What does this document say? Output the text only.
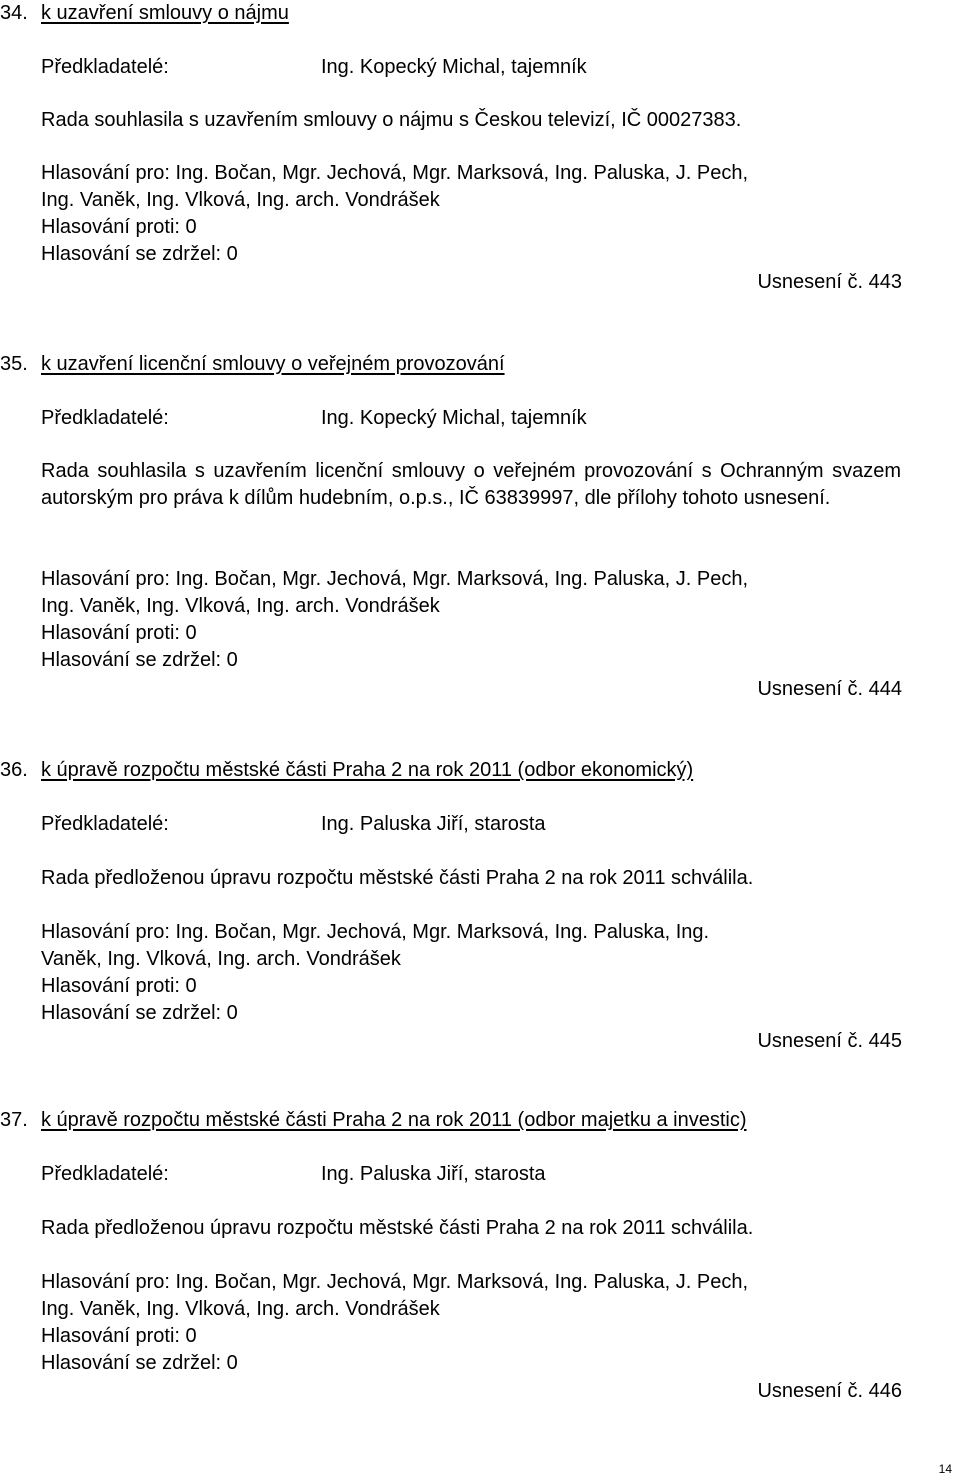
34. k uzavření smlouvy o nájmu
Předkladatelé:	Ing. Kopecký Michal, tajemník
Rada souhlasila s uzavřením smlouvy o nájmu s Českou televizí, IČ 00027383.
Hlasování pro: Ing. Bočan, Mgr. Jechová, Mgr. Marksová, Ing. Paluska, J. Pech,
Ing. Vaněk, Ing. Vlková, Ing. arch. Vondrášek
Hlasování proti: 0
Hlasování se zdržel: 0
Usnesení č. 443
35. k uzavření licenční smlouvy o veřejném provozování
Předkladatelé:	Ing. Kopecký Michal, tajemník
Rada souhlasila s uzavřením licenční smlouvy o veřejném provozování s Ochranným svazem autorským pro práva k dílům hudebním, o.p.s., IČ 63839997, dle přílohy tohoto usnesení.
Hlasování pro: Ing. Bočan, Mgr. Jechová, Mgr. Marksová, Ing. Paluska, J. Pech,
Ing. Vaněk, Ing. Vlková, Ing. arch. Vondrášek
Hlasování proti: 0
Hlasování se zdržel: 0
Usnesení č. 444
36. k úpravě rozpočtu městské části Praha 2 na rok 2011 (odbor ekonomický)
Předkladatelé:	Ing. Paluska Jiří, starosta
Rada předloženou úpravu rozpočtu městské části Praha 2 na rok 2011 schválila.
Hlasování pro: Ing. Bočan, Mgr. Jechová, Mgr. Marksová, Ing. Paluska, Ing.
Vaněk, Ing. Vlková, Ing. arch. Vondrášek
Hlasování proti: 0
Hlasování se zdržel: 0
Usnesení č. 445
37. k úpravě rozpočtu městské části Praha 2 na rok 2011 (odbor majetku a investic)
Předkladatelé:	Ing. Paluska Jiří, starosta
Rada předloženou úpravu rozpočtu městské části Praha 2 na rok 2011 schválila.
Hlasování pro: Ing. Bočan, Mgr. Jechová, Mgr. Marksová, Ing. Paluska, J. Pech,
Ing. Vaněk, Ing. Vlková, Ing. arch. Vondrášek
Hlasování proti: 0
Hlasování se zdržel: 0
Usnesení č. 446
14
